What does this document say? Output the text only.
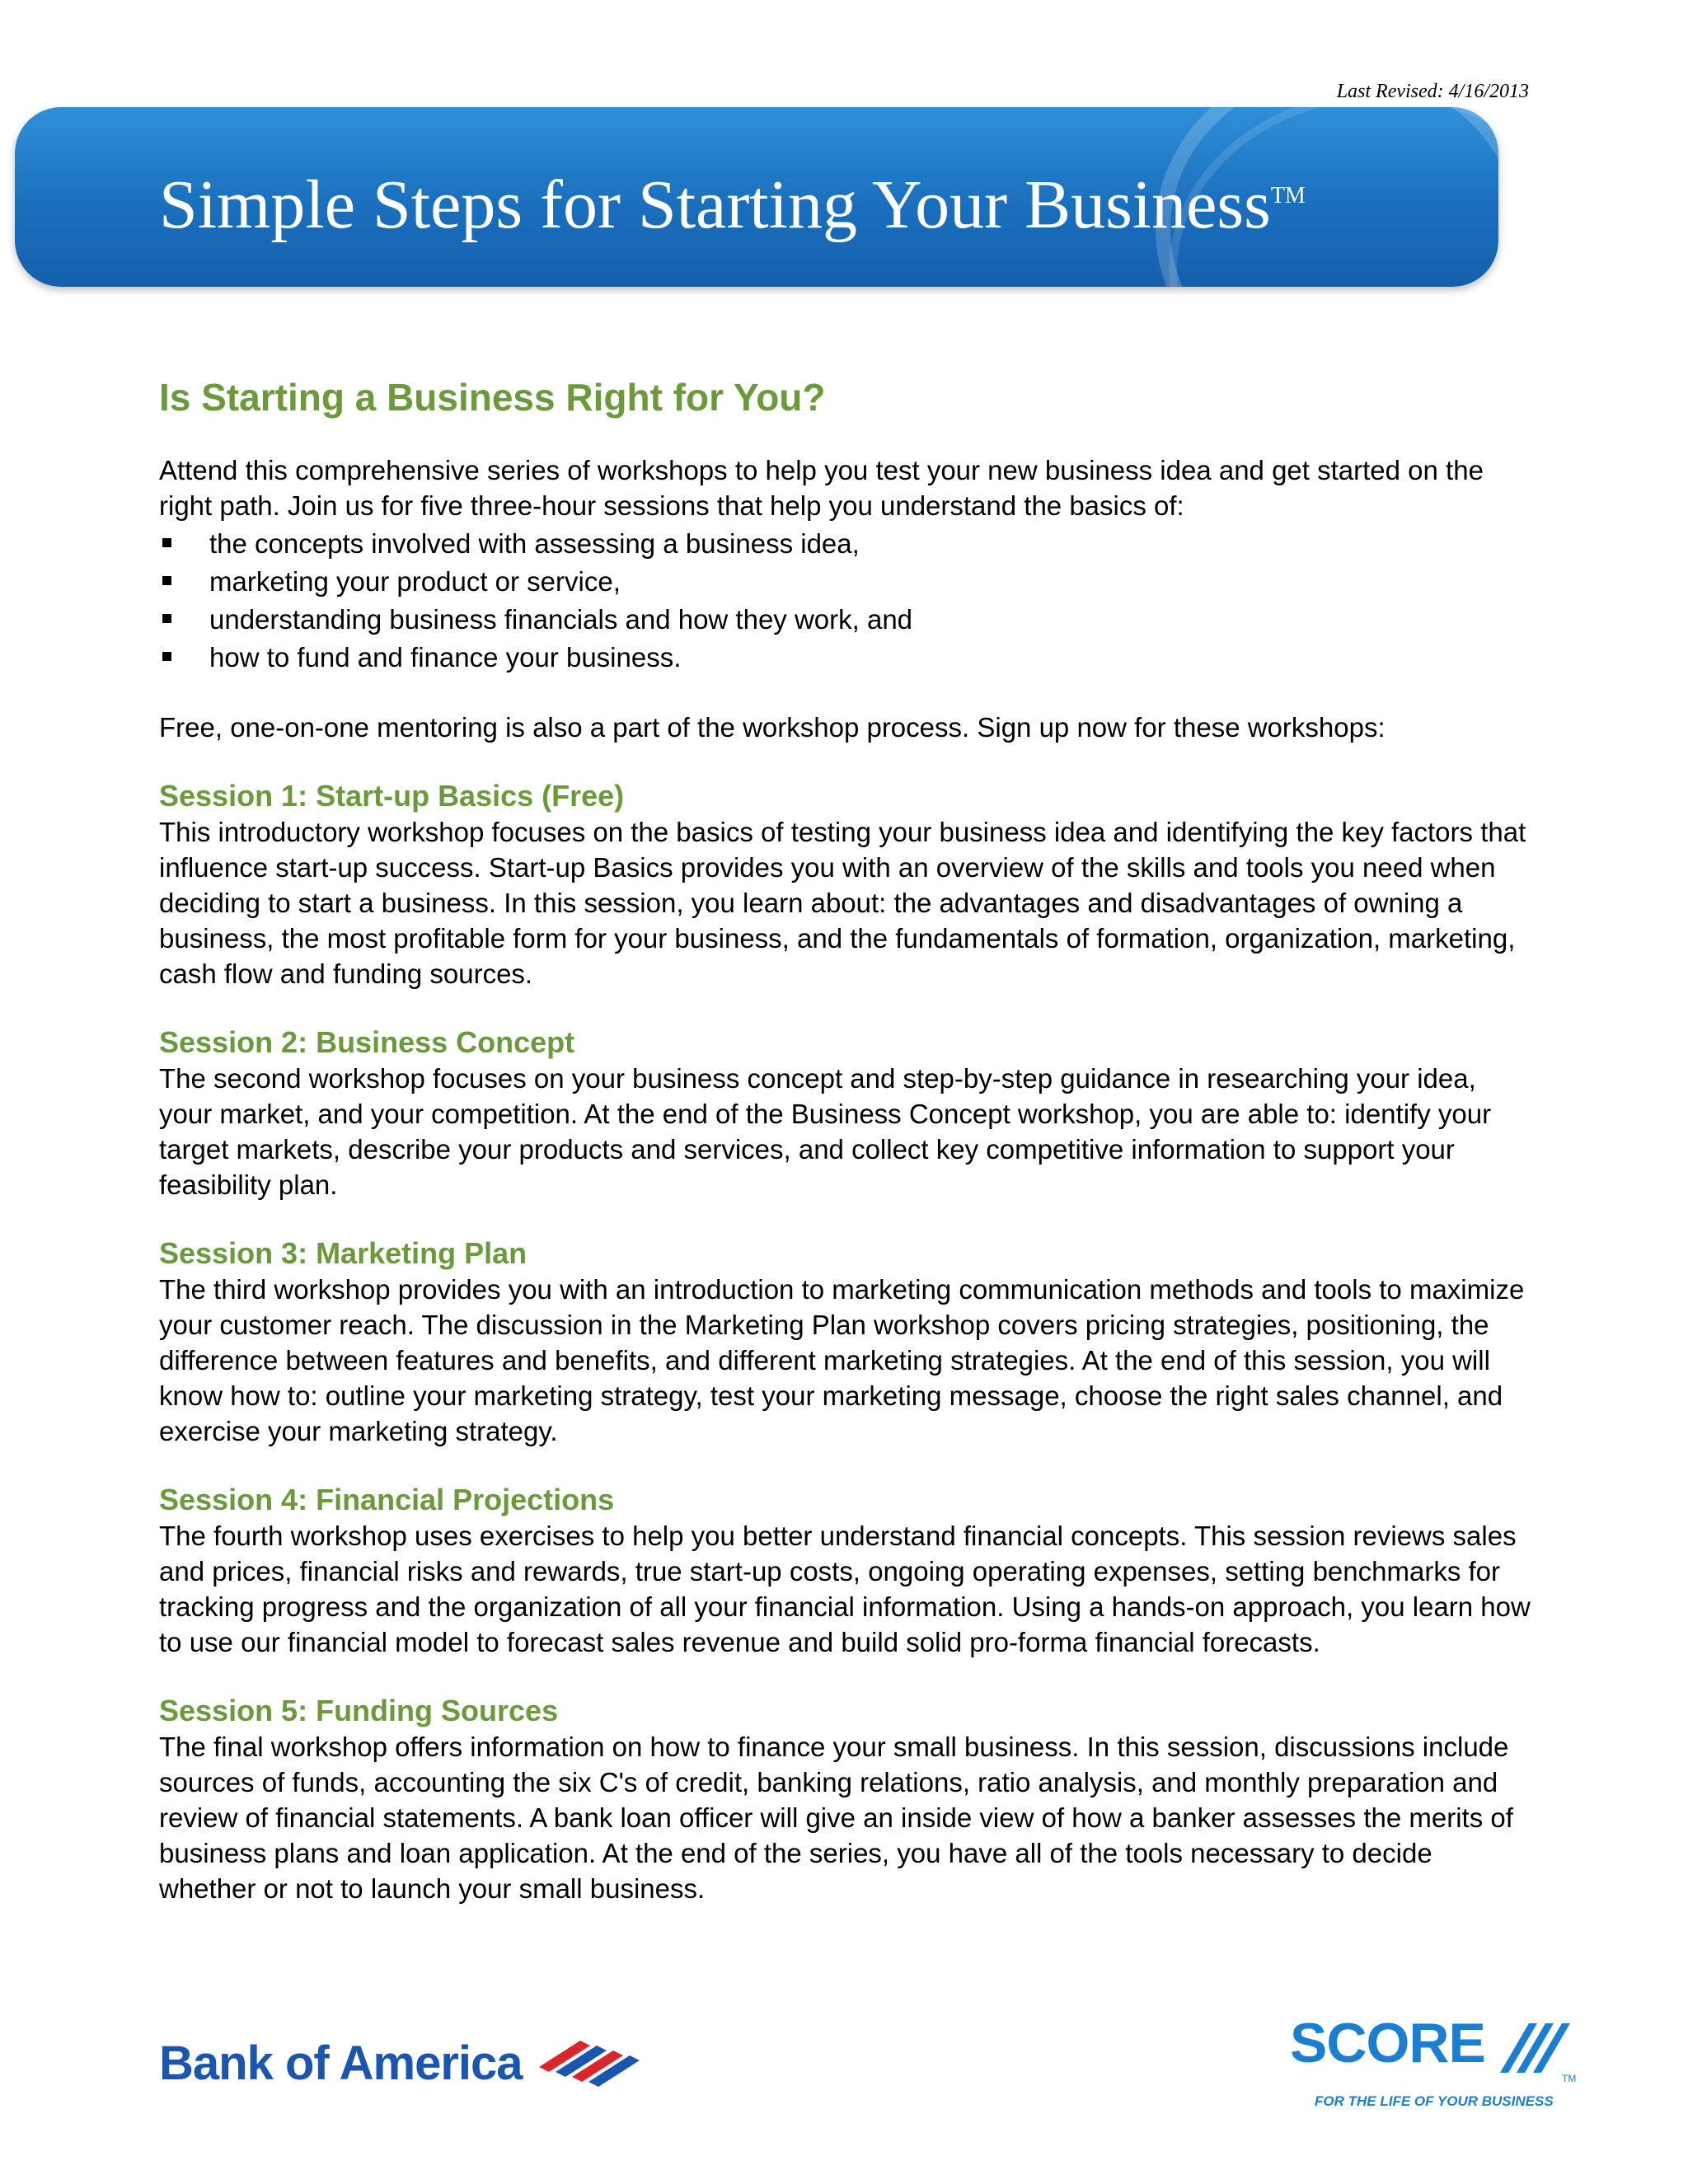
Last Revised: 4/16/2013
Simple Steps for Starting Your Business™
Is Starting a Business Right for You?

Attend this comprehensive series of workshops to help you test your new business idea and get started on the right path. Join us for five three-hour sessions that help you understand the basics of:

the concepts involved with assessing a business idea,
marketing your product or service,
understanding business financials and how they work, and
how to fund and finance your business.

Free, one-on-one mentoring is also a part of the workshop process. Sign up now for these workshops:

Session 1: Start-up Basics (Free)

This introductory workshop focuses on the basics of testing your business idea and identifying the key factors that influence start-up success. Start-up Basics provides you with an overview of the skills and tools you need when deciding to start a business. In this session, you learn about: the advantages and disadvantages of owning a business, the most profitable form for your business, and the fundamentals of formation, organization, marketing, cash flow and funding sources.

Session 2: Business Concept

The second workshop focuses on your business concept and step-by-step guidance in researching your idea, your market, and your competition. At the end of the Business Concept workshop, you are able to: identify your target markets, describe your products and services, and collect key competitive information to support your feasibility plan.

Session 3: Marketing Plan

The third workshop provides you with an introduction to marketing communication methods and tools to maximize your customer reach. The discussion in the Marketing Plan workshop covers pricing strategies, positioning, the difference between features and benefits, and different marketing strategies. At the end of this session, you will know how to: outline your marketing strategy, test your marketing message, choose the right sales channel, and exercise your marketing strategy.

Session 4: Financial Projections

The fourth workshop uses exercises to help you better understand financial concepts. This session reviews sales and prices, financial risks and rewards, true start-up costs, ongoing operating expenses, setting benchmarks for tracking progress and the organization of all your financial information. Using a hands-on approach, you learn how to use our financial model to forecast sales revenue and build solid pro-forma financial forecasts.

Session 5: Funding Sources

The final workshop offers information on how to finance your small business. In this session, discussions include sources of funds, accounting the six C's of credit, banking relations, ratio analysis, and monthly preparation and review of financial statements. A bank loan officer will give an inside view of how a banker assesses the merits of business plans and loan application. At the end of the series, you have all of the tools necessary to decide whether or not to launch your small business.

Bank of America	SCORE
TM
FOR THE LIFE OF YOUR BUSINESS
